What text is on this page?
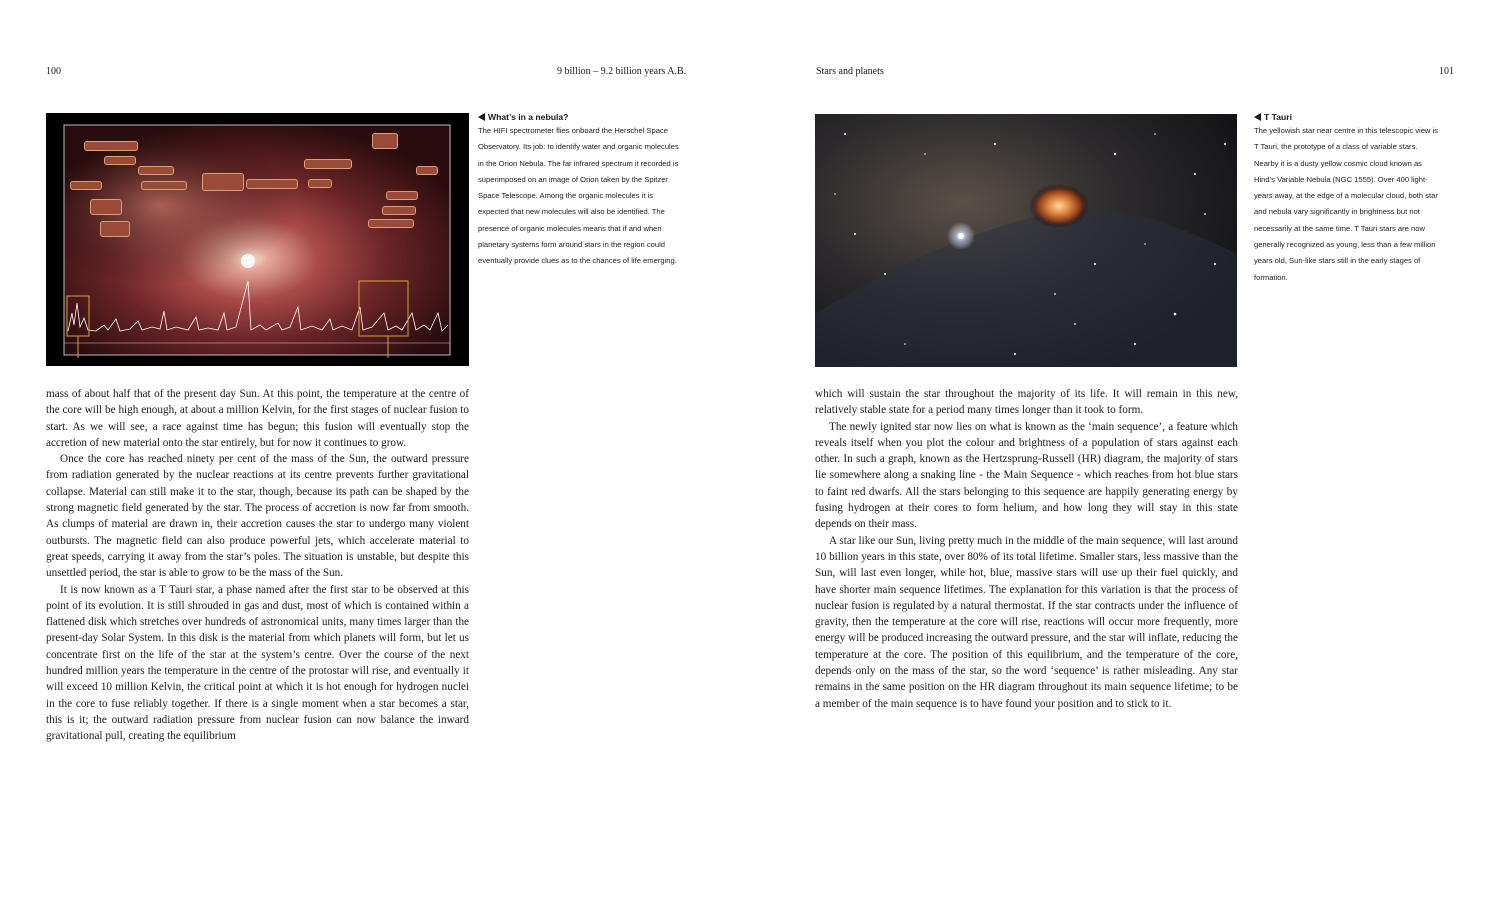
100	9 billion – 9.2 billion years A.B.
What’s in a nebula?

The HIFI spectrometer flies onboard the Herschel Space Observatory. Its job: to identify water and organic molecules in the Orion Nebula. The far infrared spectrum it recorded is superimposed on an image of Orion taken by the Spitzer Space Telescope. Among the organic molecules it is expected that new molecules will also be identified. The presence of organic molecules means that if and when planetary systems form around stars in the region could eventually provide clues as to the chances of life emerging.

mass of about half that of the present day Sun. At this point, the temperature at the centre of the core will be high enough, at about a million Kelvin, for the first stages of nuclear fusion to start. As we will see, a race against time has begun; this fusion will eventually stop the accretion of new material onto the star entirely, but for now it continues to grow.

Once the core has reached ninety per cent of the mass of the Sun, the outward pressure from radiation generated by the nuclear reactions at its centre prevents further gravitational collapse. Material can still make it to the star, though, because its path can be shaped by the strong magnetic field generated by the star. The process of accretion is now far from smooth. As clumps of material are drawn in, their accretion causes the star to undergo many violent outbursts. The magnetic field can also produce powerful jets, which accelerate material to great speeds, carrying it away from the star’s poles. The situation is unstable, but despite this unsettled period, the star is able to grow to be the mass of the Sun.

It is now known as a T Tauri star, a phase named after the first star to be observed at this point of its evolution. It is still shrouded in gas and dust, most of which is contained within a flattened disk which stretches over hundreds of astronomical units, many times larger than the present-day Solar System. In this disk is the material from which planets will form, but let us concentrate first on the life of the star at the system’s centre. Over the course of the next hundred million years the temperature in the centre of the protostar will rise, and eventually it will exceed 10 million Kelvin, the critical point at which it is hot enough for hydrogen nuclei in the core to fuse reliably together. If there is a single moment when a star becomes a star, this is it; the outward radiation pressure from nuclear fusion can now balance the inward gravitational pull, creating the equilibrium

Stars and planets	101
T Tauri

The yellowish star near centre in this telescopic view is T Tauri, the prototype of a class of variable stars. Nearby it is a dusty yellow cosmic cloud known as Hind’s Variable Nebula (NGC 1555). Over 400 light-years away, at the edge of a molecular cloud, both star and nebula vary significantly in brightness but not necessarily at the same time. T Tauri stars are now generally recognized as young, less than a few million years old, Sun-like stars still in the early stages of formation.

which will sustain the star throughout the majority of its life. It will remain in this new, relatively stable state for a period many times longer than it took to form.

The newly ignited star now lies on what is known as the ‘main sequence’, a feature which reveals itself when you plot the colour and brightness of a population of stars against each other. In such a graph, known as the Hertzsprung-Russell (HR) diagram, the majority of stars lie somewhere along a snaking line - the Main Sequence - which reaches from hot blue stars to faint red dwarfs. All the stars belonging to this sequence are happily generating energy by fusing hydrogen at their cores to form helium, and how long they will stay in this state depends on their mass.

A star like our Sun, living pretty much in the middle of the main sequence, will last around 10 billion years in this state, over 80% of its total lifetime. Smaller stars, less massive than the Sun, will last even longer, while hot, blue, massive stars will use up their fuel quickly, and have shorter main sequence lifetimes. The explanation for this variation is that the process of nuclear fusion is regulated by a natural thermostat. If the star contracts under the influence of gravity, then the temperature at the core will rise, reactions will occur more frequently, more energy will be produced increasing the outward pressure, and the star will inflate, reducing the temperature at the core. The position of this equilibrium, and the temperature of the core, depends only on the mass of the star, so the word ‘sequence’ is rather misleading. Any star remains in the same position on the HR diagram throughout its main sequence lifetime; to be a member of the main sequence is to have found your position and to stick to it.
